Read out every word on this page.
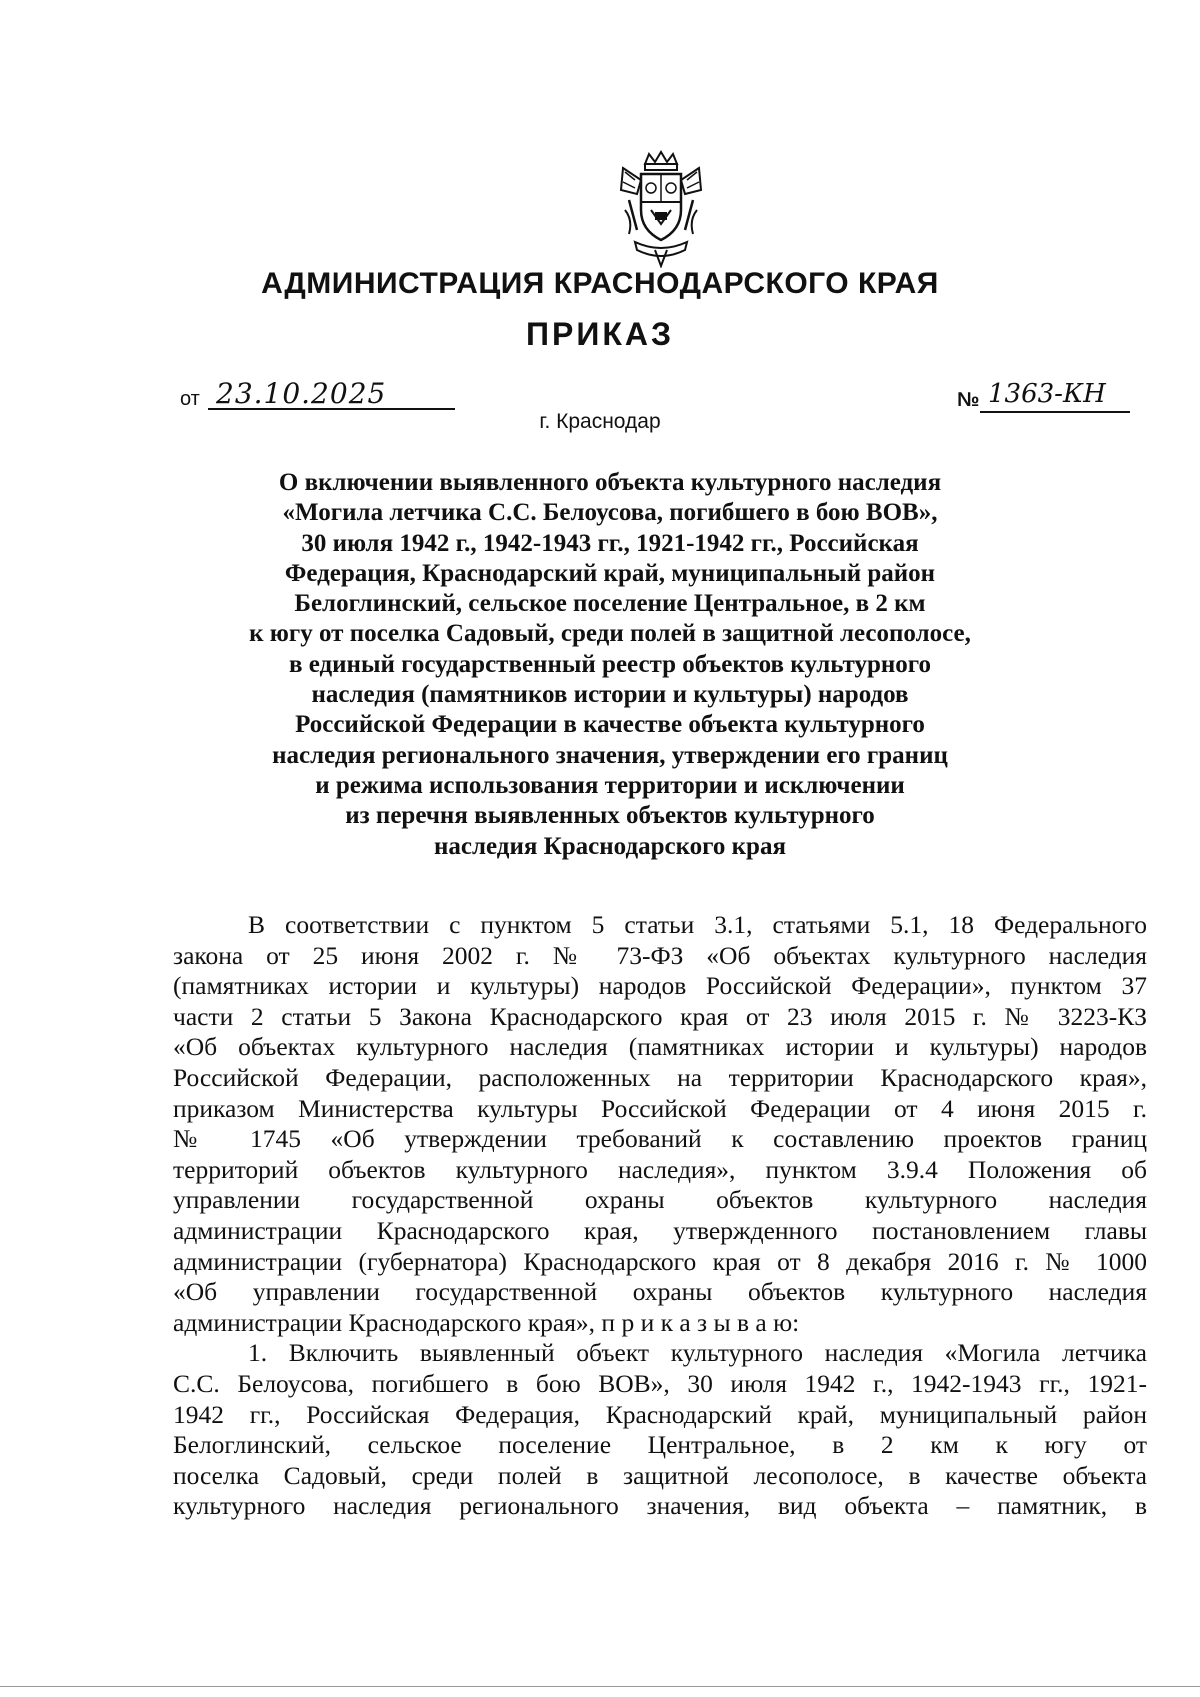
АДМИНИСТРАЦИЯ КРАСНОДАРСКОГО КРАЯ
ПРИКАЗ
от 23.10.2025
г. Краснодар
№ 1363-КН
О включении выявленного объекта культурного наследия
«Могила летчика С.С. Белоусова, погибшего в бою ВОВ»,
30 июля 1942 г., 1942-1943 гг., 1921-1942 гг., Российская
Федерация, Краснодарский край, муниципальный район
Белоглинский, сельское поселение Центральное, в 2 км
к югу от поселка Садовый, среди полей в защитной лесополосе,
в единый государственный реестр объектов культурного
наследия (памятников истории и культуры) народов
Российской Федерации в качестве объекта культурного
наследия регионального значения, утверждении его границ
и режима использования территории и исключении
из перечня выявленных объектов культурного
наследия Краснодарского края
В соответствии с пунктом 5 статьи 3.1, статьями 5.1, 18 Федерального
закона от 25 июня 2002 г. № 73-ФЗ «Об объектах культурного наследия
(памятниках истории и культуры) народов Российской Федерации», пунктом 37
части 2 статьи 5 Закона Краснодарского края от 23 июля 2015 г. № 3223-КЗ
«Об объектах культурного наследия (памятниках истории и культуры) народов
Российской Федерации, расположенных на территории Краснодарского края»,
приказом Министерства культуры Российской Федерации от 4 июня 2015 г.
№ 1745 «Об утверждении требований к составлению проектов границ
территорий объектов культурного наследия», пунктом 3.9.4 Положения об
управлении государственной охраны объектов культурного наследия
администрации Краснодарского края, утвержденного постановлением главы
администрации (губернатора) Краснодарского края от 8 декабря 2016 г. № 1000
«Об управлении государственной охраны объектов культурного наследия
администрации Краснодарского края», п р и к а з ы в а ю:
1. Включить выявленный объект культурного наследия «Могила летчика
С.С. Белоусова, погибшего в бою ВОВ», 30 июля 1942 г., 1942-1943 гг., 1921-
1942 гг., Российская Федерация, Краснодарский край, муниципальный район
Белоглинский, сельское поселение Центральное, в 2 км к югу от
поселка Садовый, среди полей в защитной лесополосе, в качестве объекта
культурного наследия регионального значения, вид объекта – памятник, в
